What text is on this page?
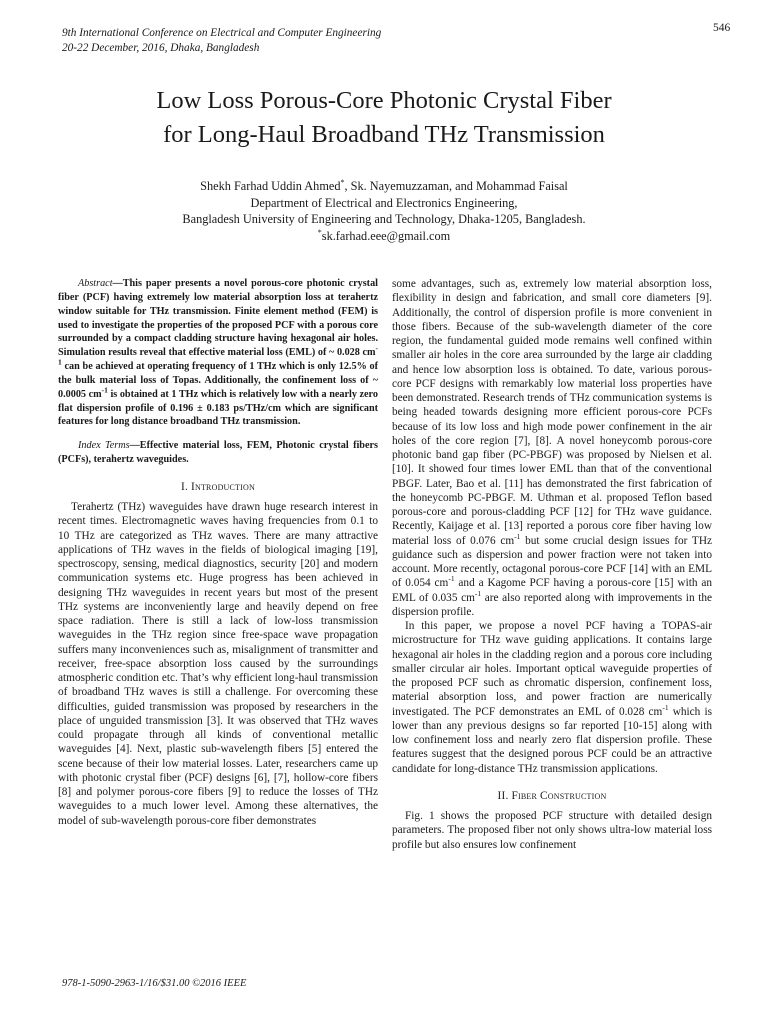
9th International Conference on Electrical and Computer Engineering
20-22 December, 2016, Dhaka, Bangladesh
546
Low Loss Porous-Core Photonic Crystal Fiber
for Long-Haul Broadband THz Transmission
Shekh Farhad Uddin Ahmed*, Sk. Nayemuzzaman, and Mohammad Faisal
Department of Electrical and Electronics Engineering,
Bangladesh University of Engineering and Technology, Dhaka-1205, Bangladesh.
*sk.farhad.eee@gmail.com

Abstract—This paper presents a novel porous-core photonic crystal fiber (PCF) having extremely low material absorption loss at terahertz window suitable for THz transmission. Finite element method (FEM) is used to investigate the properties of the proposed PCF with a porous core surrounded by a compact cladding structure having hexagonal air holes. Simulation results reveal that effective material loss (EML) of ~ 0.028 $cm^{-1}$ can be achieved at operating frequency of 1 THz which is only 12.5% of the bulk material loss of Topas. Additionally, the confinement loss of ~ 0.0005 $cm^{-1}$ is obtained at 1 THz which is relatively low with a nearly zero flat dispersion profile of 0.196 ± 0.183 ps/THz/cm which are significant features for long distance broadband THz transmission.

Index Terms—Effective material loss, FEM, Photonic crystal fibers (PCFs), terahertz waveguides.

I. Introduction

Terahertz (THz) waveguides have drawn huge research interest in recent times. Electromagnetic waves having frequencies from 0.1 to 10 THz are categorized as THz waves. There are many attractive applications of THz waves in the fields of biological imaging [19], spectroscopy, sensing, medical diagnostics, security [20] and modern communication systems etc. Huge progress has been achieved in designing THz waveguides in recent years but most of the present THz systems are inconveniently large and heavily depend on free space radiation. There is still a lack of low-loss transmission waveguides in the THz region since free-space wave propagation suffers many inconveniences such as, misalignment of transmitter and receiver, free-space absorption loss caused by the surroundings atmospheric condition etc. That’s why efficient long-haul transmission of broadband THz waves is still a challenge. For overcoming these difficulties, guided transmission was proposed by researchers in the place of unguided transmission [3]. It was observed that THz waves could propagate through all kinds of conventional metallic waveguides [4]. Next, plastic sub-wavelength fibers [5] entered the scene because of their low material losses. Later, researchers came up with photonic crystal fiber (PCF) designs [6], [7], hollow-core fibers [8] and polymer porous-core fibers [9] to reduce the losses of THz waveguides to a much lower level. Among these alternatives, the model of sub-wavelength porous-core fiber demonstrates

some advantages, such as, extremely low material absorption loss, flexibility in design and fabrication, and small core diameters [9]. Additionally, the control of dispersion profile is more convenient in those fibers. Because of the sub-wavelength diameter of the core region, the fundamental guided mode remains well confined within smaller air holes in the core area surrounded by the large air cladding and hence low absorption loss is obtained. To date, various porous-core PCF designs with remarkably low material loss properties have been demonstrated. Research trends of THz communication systems is being headed towards designing more efficient porous-core PCFs because of its low loss and high mode power confinement in the air holes of the core region [7], [8]. A novel honeycomb porous-core photonic band gap fiber (PC-PBGF) was proposed by Nielsen et al. [10]. It showed four times lower EML than that of the conventional PBGF. Later, Bao et al. [11] has demonstrated the first fabrication of the honeycomb PC-PBGF. M. Uthman et al. proposed Teflon based porous-core and porous-cladding PCF [12] for THz wave guidance. Recently, Kaijage et al. [13] reported a porous core fiber having low material loss of 0.076 $cm^{-1}$ but some crucial design issues for THz guidance such as dispersion and power fraction were not taken into account. More recently, octagonal porous-core PCF [14] with an EML of 0.054 $cm^{-1}$ and a Kagome PCF having a porous-core [15] with an EML of 0.035 $cm^{-1}$ are also reported along with improvements in the dispersion profile.

In this paper, we propose a novel PCF having a TOPAS-air microstructure for THz wave guiding applications. It contains large hexagonal air holes in the cladding region and a porous core including smaller circular air holes. Important optical waveguide properties of the proposed PCF such as chromatic dispersion, confinement loss, material absorption loss, and power fraction are numerically investigated. The PCF demonstrates an EML of 0.028 $cm^{-1}$ which is lower than any previous designs so far reported [10-15] along with low confinement loss and nearly zero flat dispersion profile. These features suggest that the designed porous PCF could be an attractive candidate for long-distance THz transmission applications.

II. Fiber Construction

Fig. 1 shows the proposed PCF structure with detailed design parameters. The proposed fiber not only shows ultra-low material loss profile but also ensures low confinement

978-1-5090-2963-1/16/$31.00 ©2016 IEEE
